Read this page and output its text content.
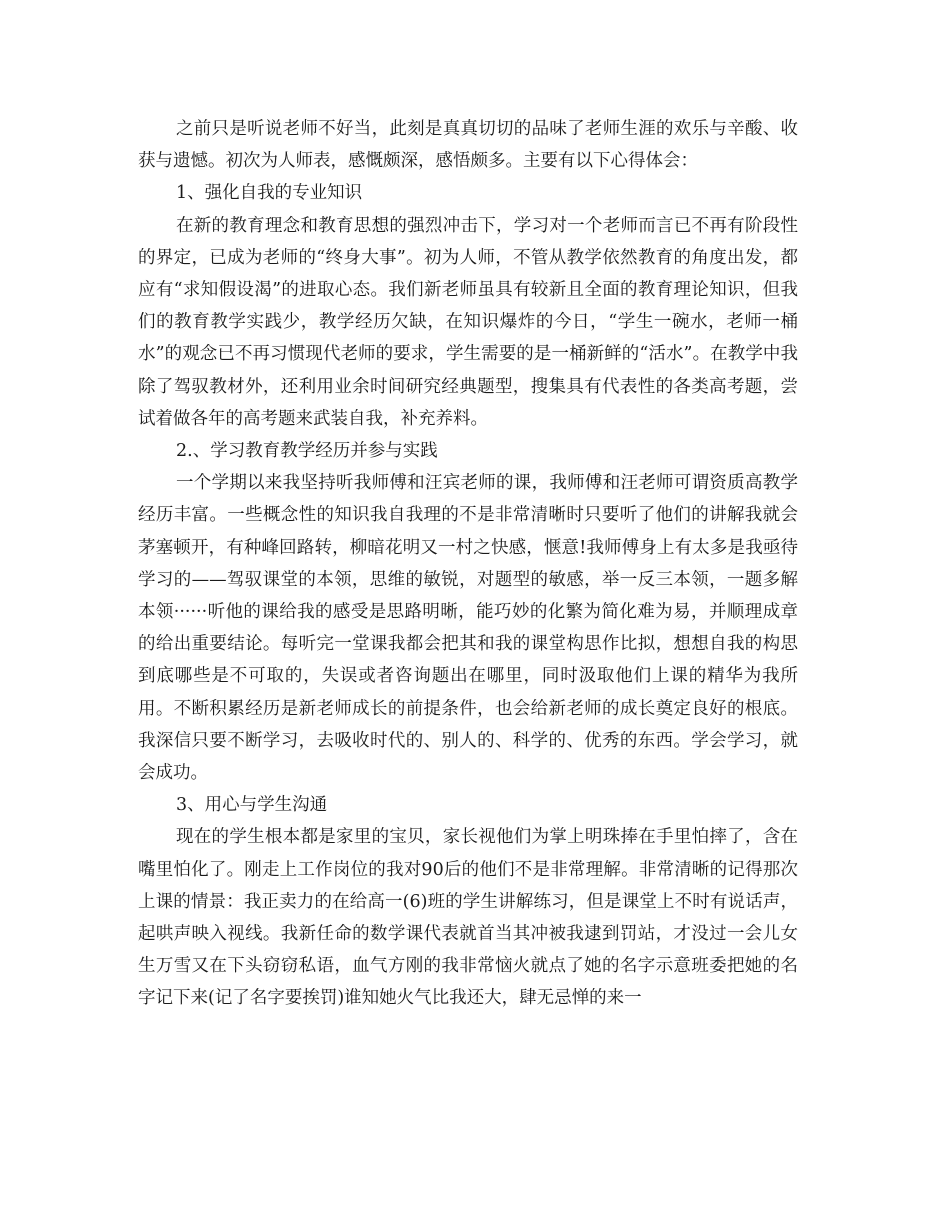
之前只是听说老师不好当，此刻是真真切切的品味了老师生涯的欢乐与辛酸、收获与遗憾。初次为人师表，感慨颇深，感悟颇多。主要有以下心得体会：

1、强化自我的专业知识

在新的教育理念和教育思想的强烈冲击下，学习对一个老师而言已不再有阶段性的界定，已成为老师的“终身大事”。初为人师，不管从教学依然教育的角度出发，都应有“求知假设渴”的进取心态。我们新老师虽具有较新且全面的教育理论知识，但我们的教育教学实践少，教学经历欠缺，在知识爆炸的今日，“学生一碗水，老师一桶水”的观念已不再习惯现代老师的要求，学生需要的是一桶新鲜的“活水”。在教学中我除了驾驭教材外，还利用业余时间研究经典题型，搜集具有代表性的各类高考题，尝试着做各年的高考题来武装自我，补充养料。

2.、学习教育教学经历并参与实践

一个学期以来我坚持听我师傅和汪宾老师的课，我师傅和汪老师可谓资质高教学经历丰富。一些概念性的知识我自我理的不是非常清晰时只要听了他们的讲解我就会茅塞顿开，有种峰回路转，柳暗花明又一村之快感，惬意!我师傅身上有太多是我亟待学习的——驾驭课堂的本领，思维的敏锐，对题型的敏感，举一反三本领，一题多解本领······听他的课给我的感受是思路明晰，能巧妙的化繁为简化难为易，并顺理成章的给出重要结论。每听完一堂课我都会把其和我的课堂构思作比拟，想想自我的构思到底哪些是不可取的，失误或者咨询题出在哪里，同时汲取他们上课的精华为我所用。不断积累经历是新老师成长的前提条件，也会给新老师的成长奠定良好的根底。我深信只要不断学习，去吸收时代的、别人的、科学的、优秀的东西。学会学习，就会成功。

3、用心与学生沟通

现在的学生根本都是家里的宝贝，家长视他们为掌上明珠捧在手里怕摔了，含在嘴里怕化了。刚走上工作岗位的我对90后的他们不是非常理解。非常清晰的记得那次上课的情景：我正卖力的在给高一(6)班的学生讲解练习，但是课堂上不时有说话声，起哄声映入视线。我新任命的数学课代表就首当其冲被我逮到罚站，才没过一会儿女生万雪又在下头窃窃私语，血气方刚的我非常恼火就点了她的名字示意班委把她的名字记下来(记了名字要挨罚)谁知她火气比我还大，肆无忌惮的来一
